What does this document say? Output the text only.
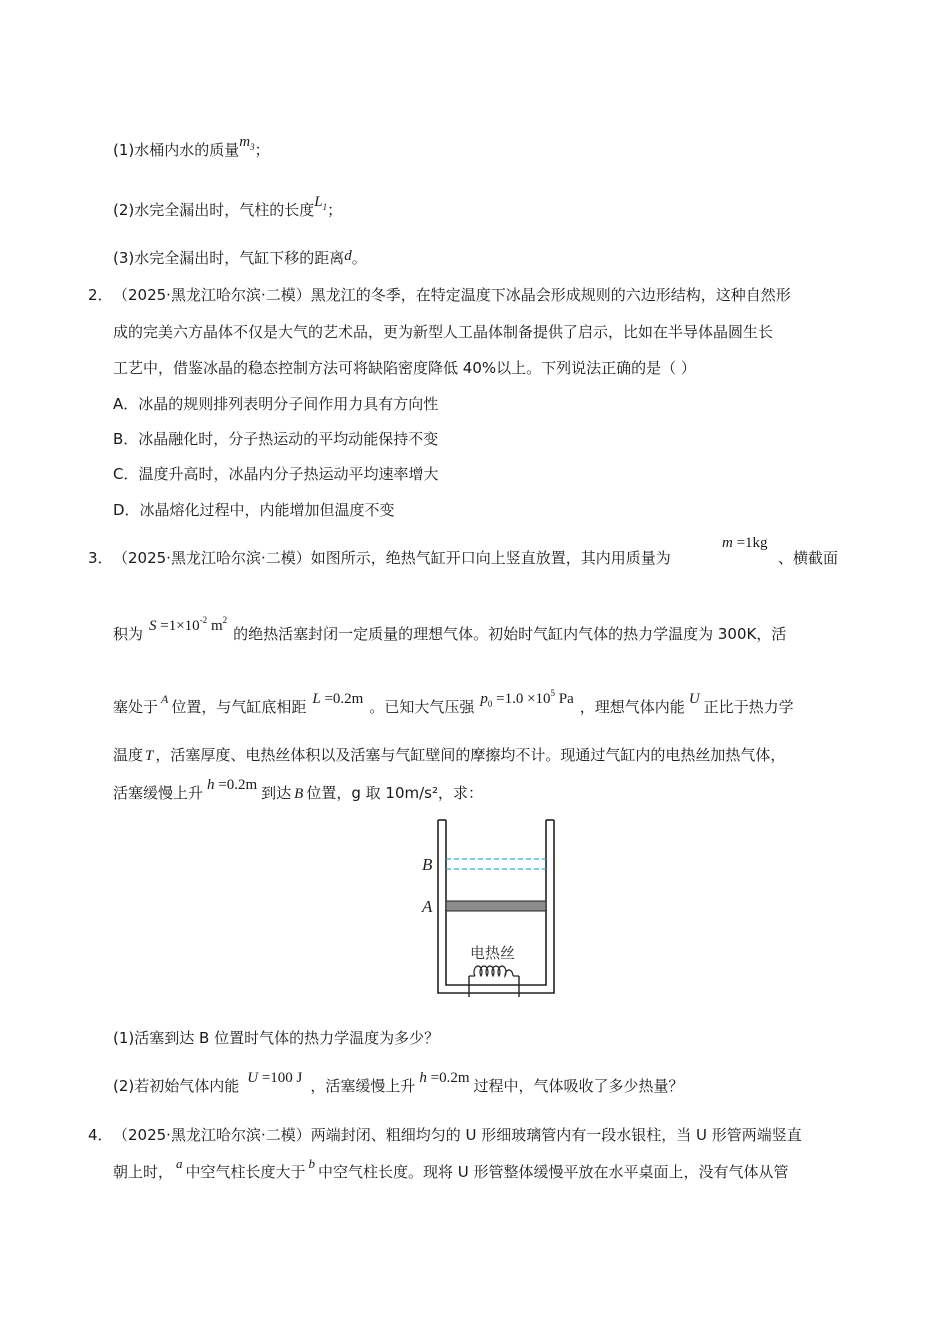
(1)水桶内水的质量$m_3$；
(2)水完全漏出时，气柱的长度$L_1$；
(3)水完全漏出时，气缸下移的距离d。
2． （2025·黑龙江哈尔滨·二模）黑龙江的冬季，在特定温度下冰晶会形成规则的六边形结构，这种自然形
成的完美六方晶体不仅是大气的艺术品，更为新型人工晶体制备提供了启示，比如在半导体晶圆生长
工艺中，借鉴冰晶的稳态控制方法可将缺陷密度降低 40%以上。下列说法正确的是（ ）
A．冰晶的规则排列表明分子间作用力具有方向性
B．冰晶融化时，分子热运动的平均动能保持不变
C．温度升高时，冰晶内分子热运动平均速率增大
D．冰晶熔化过程中，内能增加但温度不变
3． （2025·黑龙江哈尔滨·二模）如图所示，绝热气缸开口向上竖直放置，其内用质量为
m =1kg
、横截面
积为 $S =1\times 10^{-2}$ $m^2$的绝热活塞封闭一定质量的理想气体。初始时气缸内气体的热力学温度为 300K，活
塞处于 $^A$ 位置，与气缸底相距 L =0.2m 。已知大气压强 $p_0 =1.0 \times 10^5$ Pa ，理想气体内能 U 正比于热力学
温度 T ，活塞厚度、电热丝体积以及活塞与气缸壁间的摩擦均不计。现通过气缸内的电热丝加热气体，
活塞缓慢上升 h =0.2m 到达 B 位置，g 取 10m/s²，求：
B
A
电热丝
(1)活塞到达 B 位置时气体的热力学温度为多少？
(2)若初始气体内能 U =100 J ，活塞缓慢上升 h =0.2m 过程中，气体吸收了多少热量？
4． （2025·黑龙江哈尔滨·二模）两端封闭、粗细均匀的 U 形细玻璃管内有一段水银柱，当 U 形管两端竖直
朝上时， a 中空气柱长度大于 b 中空气柱长度。现将 U 形管整体缓慢平放在水平桌面上，没有气体从管
